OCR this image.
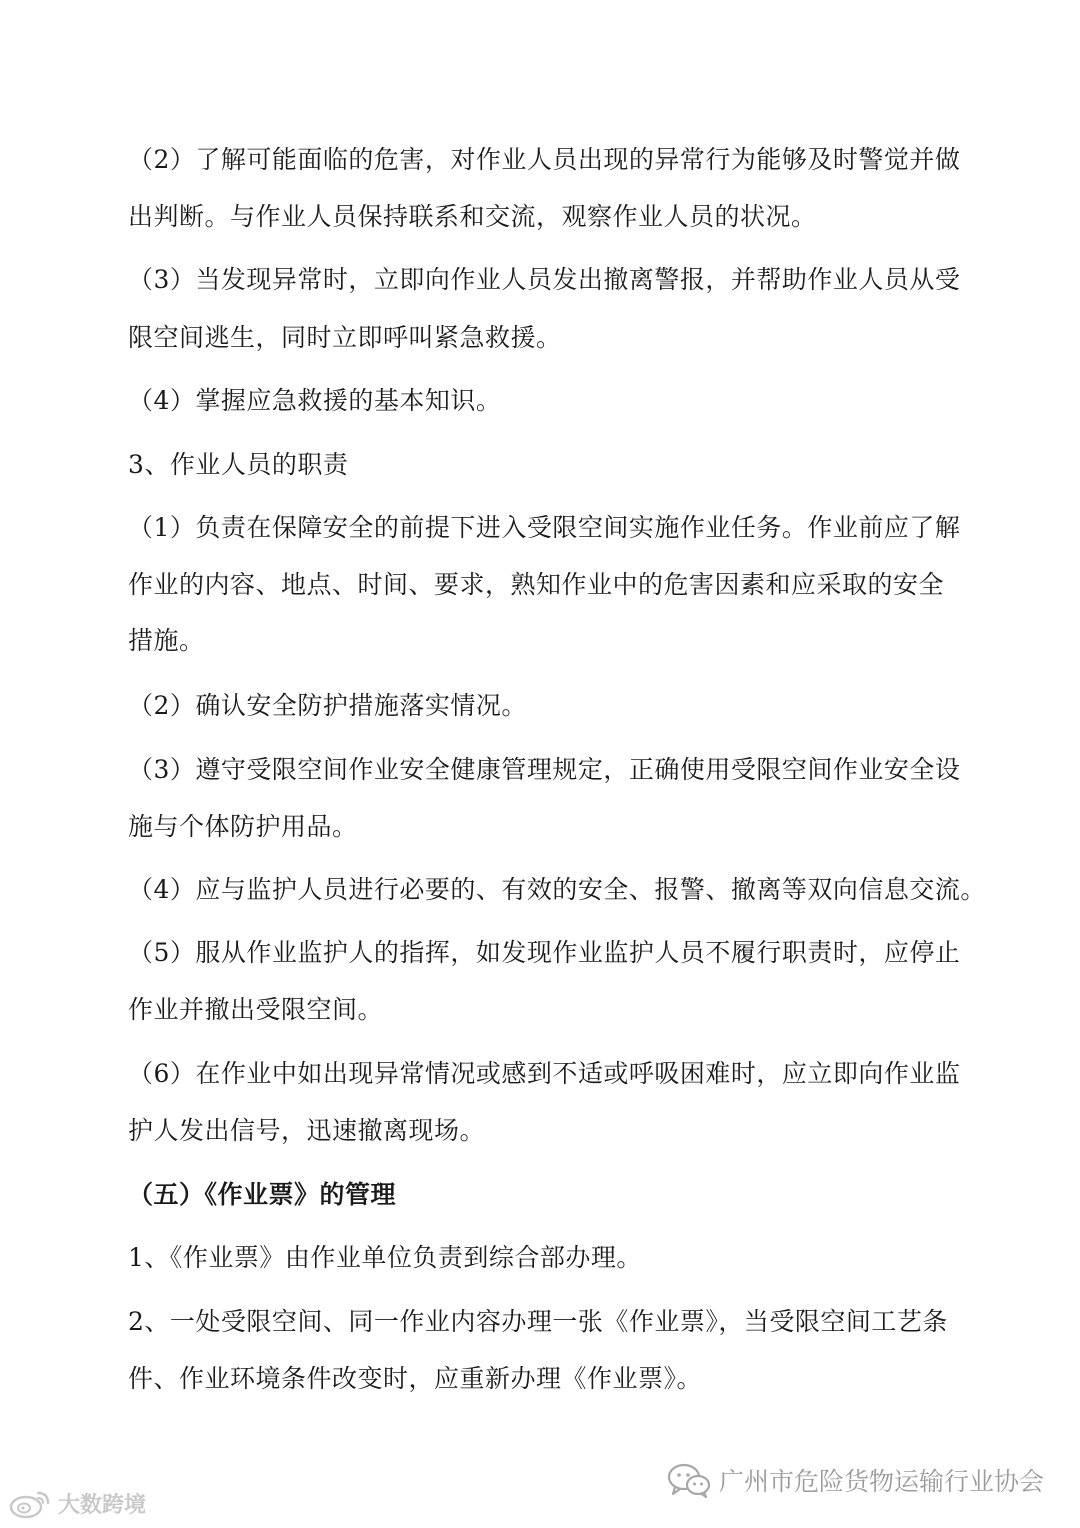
（2）了解可能面临的危害，对作业人员出现的异常行为能够及时警觉并做
出判断。与作业人员保持联系和交流，观察作业人员的状况。
（3）当发现异常时，立即向作业人员发出撤离警报，并帮助作业人员从受
限空间逃生，同时立即呼叫紧急救援。
（4）掌握应急救援的基本知识。
3、作业人员的职责
（1）负责在保障安全的前提下进入受限空间实施作业任务。作业前应了解
作业的内容、地点、时间、要求，熟知作业中的危害因素和应采取的安全
措施。
（2）确认安全防护措施落实情况。
（3）遵守受限空间作业安全健康管理规定，正确使用受限空间作业安全设
施与个体防护用品。
（4）应与监护人员进行必要的、有效的安全、报警、撤离等双向信息交流。
（5）服从作业监护人的指挥，如发现作业监护人员不履行职责时，应停止
作业并撤出受限空间。
（6）在作业中如出现异常情况或感到不适或呼吸困难时，应立即向作业监
护人发出信号，迅速撤离现场。
（五）《作业票》的管理
1、《作业票》由作业单位负责到综合部办理。
2、一处受限空间、同一作业内容办理一张《作业票》，当受限空间工艺条
件、作业环境条件改变时，应重新办理《作业票》。
广州市危险货物运输行业协会
大数跨境
